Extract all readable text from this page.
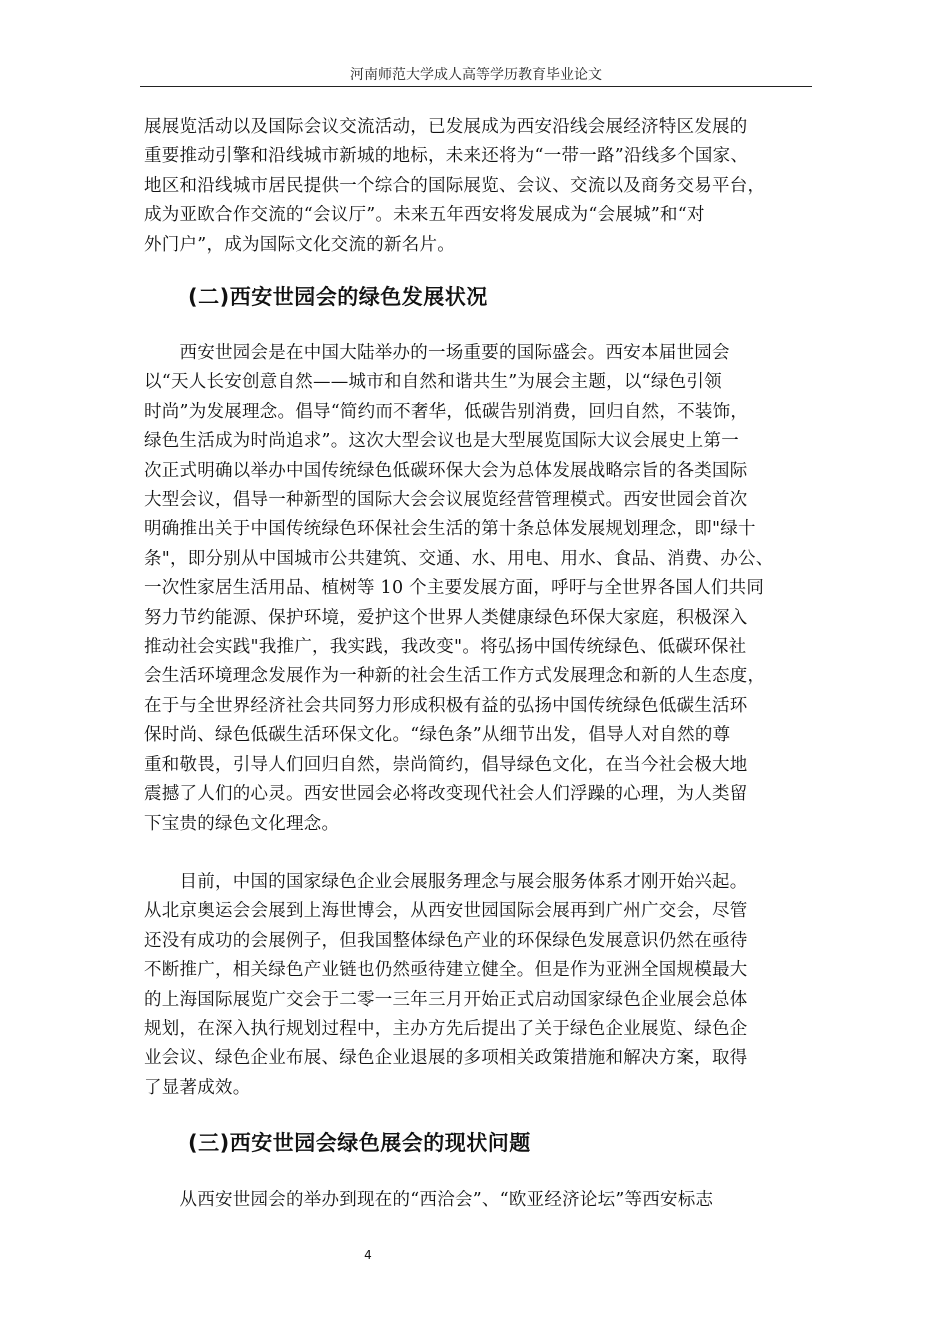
河南师范大学成人高等学历教育毕业论文

展展览活动以及国际会议交流活动，已发展成为西安沿线会展经济特区发展的
重要推动引擎和沿线城市新城的地标，未来还将为“一带一路”沿线多个国家、
地区和沿线城市居民提供一个综合的国际展览、会议、交流以及商务交易平台，
成为亚欧合作交流的“会议厅”。未来五年西安将发展成为“会展城”和“对
外门户”，成为国际文化交流的新名片。

(二)西安世园会的绿色发展状况

　　西安世园会是在中国大陆举办的一场重要的国际盛会。西安本届世园会
以“天人长安创意自然——城市和自然和谐共生”为展会主题，以“绿色引领
时尚”为发展理念。倡导“简约而不奢华，低碳告别消费，回归自然，不装饰，
绿色生活成为时尚追求”。这次大型会议也是大型展览国际大议会展史上第一
次正式明确以举办中国传统绿色低碳环保大会为总体发展战略宗旨的各类国际
大型会议，倡导一种新型的国际大会会议展览经营管理模式。西安世园会首次
明确推出关于中国传统绿色环保社会生活的第十条总体发展规划理念，即"绿十
条"，即分别从中国城市公共建筑、交通、水、用电、用水、食品、消费、办公、
一次性家居生活用品、植树等 10 个主要发展方面，呼吁与全世界各国人们共同
努力节约能源、保护环境，爱护这个世界人类健康绿色环保大家庭，积极深入
推动社会实践"我推广，我实践，我改变"。将弘扬中国传统绿色、低碳环保社
会生活环境理念发展作为一种新的社会生活工作方式发展理念和新的人生态度，
在于与全世界经济社会共同努力形成积极有益的弘扬中国传统绿色低碳生活环
保时尚、绿色低碳生活环保文化。“绿色条”从细节出发，倡导人对自然的尊
重和敬畏，引导人们回归自然，崇尚简约，倡导绿色文化，在当今社会极大地
震撼了人们的心灵。西安世园会必将改变现代社会人们浮躁的心理，为人类留
下宝贵的绿色文化理念。

　　目前，中国的国家绿色企业会展服务理念与展会服务体系才刚开始兴起。
从北京奥运会会展到上海世博会，从西安世园国际会展再到广州广交会，尽管
还没有成功的会展例子，但我国整体绿色产业的环保绿色发展意识仍然在亟待
不断推广，相关绿色产业链也仍然亟待建立健全。但是作为亚洲全国规模最大
的上海国际展览广交会于二零一三年三月开始正式启动国家绿色企业展会总体
规划，在深入执行规划过程中，主办方先后提出了关于绿色企业展览、绿色企
业会议、绿色企业布展、绿色企业退展的多项相关政策措施和解决方案，取得
了显著成效。

(三)西安世园会绿色展会的现状问题

　　从西安世园会的举办到现在的“西洽会”、“欧亚经济论坛”等西安标志

4
